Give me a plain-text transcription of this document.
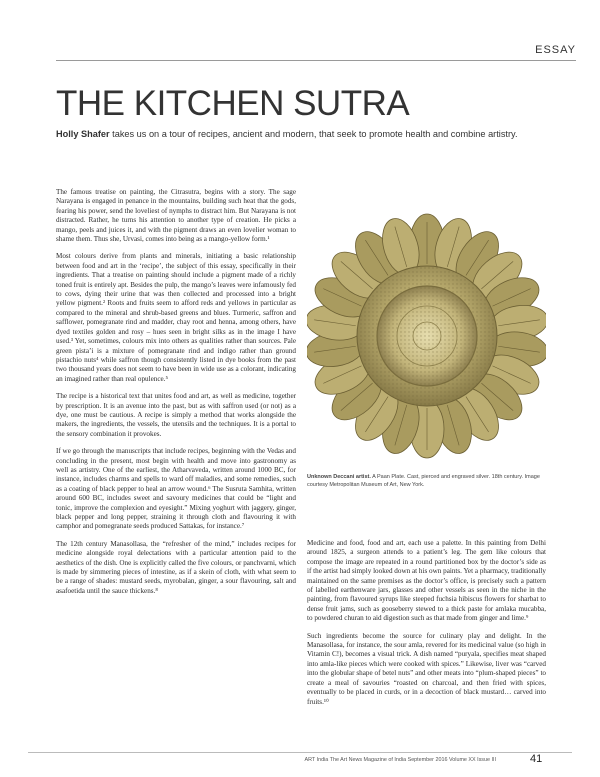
ESSAY
THE KITCHEN SUTRA
Holly Shafer takes us on a tour of recipes, ancient and modern, that seek to promote health and combine artistry.

The famous treatise on painting, the Citrasutra, begins with a story. The sage Narayana is engaged in penance in the mountains, building such heat that the gods, fearing his power, send the loveliest of nymphs to distract him. But Narayana is not distracted. Rather, he turns his attention to another type of creation. He picks a mango, peels and juices it, and with the pigment draws an even lovelier woman to shame them. Thus she, Urvasi, comes into being as a mango-yellow form.¹

Most colours derive from plants and minerals, initiating a basic relationship between food and art in the ‘recipe’, the subject of this essay, specifically in their ingredients. That a treatise on painting should include a pigment made of a richly toned fruit is entirely apt. Besides the pulp, the mango’s leaves were infamously fed to cows, dying their urine that was then collected and processed into a bright yellow pigment.² Roots and fruits seem to afford reds and yellows in particular as compared to the mineral and shrub-based greens and blues. Turmeric, saffron and safflower, pomegranate rind and madder, chay root and henna, among others, have dyed textiles golden and rosy – hues seen in bright silks as in the image I have used.³ Yet, sometimes, colours mix into others as qualities rather than sources. Pale green pista’i is a mixture of pomegranate rind and indigo rather than ground pistachio nuts⁴ while saffron though consistently listed in dye books from the past two thousand years does not seem to have been in wide use as a colorant, indicating an imagined rather than real opulence.⁵

The recipe is a historical text that unites food and art, as well as medicine, together by prescription. It is an avenue into the past, but as with saffron used (or not) as a dye, one must be cautious. A recipe is simply a method that works alongside the makers, the ingredients, the vessels, the utensils and the techniques. It is a portal to the sensory combination it provokes.

If we go through the manuscripts that include recipes, beginning with the Vedas and concluding in the present, most begin with health and move into gastronomy as well as artistry. One of the earliest, the Atharvaveda, written around 1000 BC, for instance, includes charms and spells to ward off maladies, and some remedies, such as a coating of black pepper to heal an arrow wound.⁶ The Susruta Samhita, written around 600 BC, includes sweet and savoury medicines that could be “light and tonic, improve the complexion and eyesight.” Mixing yoghurt with jaggery, ginger, black pepper and long pepper, straining it through cloth and flavouring it with camphor and pomegranate seeds produced Sattakas, for instance.⁷

The 12th century Manasollasa, the “refresher of the mind,” includes recipes for medicine alongside royal delectations with a particular attention paid to the aesthetics of the dish. One is explicitly called the five colours, or panchvarni, which is made by simmering pieces of intestine, as if a skein of cloth, with what seem to be a range of shades: mustard seeds, myrobalan, ginger, a sour flavouring, salt and asafoetida until the sauce thickens.⁸

Unknown Deccani artist. A Paan Plate. Cast, pierced and engraved silver. 18th century. Image courtesy Metropolitan Museum of Art, New York.

Medicine and food, food and art, each use a palette. In this painting from Delhi around 1825, a surgeon attends to a patient’s leg. The gem like colours that compose the image are repeated in a round partitioned box by the doctor’s side as if the artist had simply looked down at his own paints. Yet a pharmacy, traditionally maintained on the same premises as the doctor’s office, is precisely such a pattern of labelled earthenware jars, glasses and other vessels as seen in the niche in the painting, from flavoured syrups like steeped fuchsia hibiscus flowers for sharbat to dense fruit jams, such as gooseberry stewed to a thick paste for amlaka mucabba, to powdered churan to aid digestion such as that made from ginger and lime.⁹

Such ingredients become the source for culinary play and delight. In the Manasollasa, for instance, the sour amla, revered for its medicinal value (so high in Vitamin C!), becomes a visual trick. A dish named “puryala, specifies meat shaped into amla-like pieces which were cooked with spices.” Likewise, liver was “carved into the globular shape of betel nuts” and other meats into “plum-shaped pieces” to create a meal of savouries “roasted on charcoal, and then fried with spices, eventually to be placed in curds, or in a decoction of black mustard… carved into fruits.¹⁰

ART India The Art News Magazine of India September 2016 Volume XX Issue III	41
